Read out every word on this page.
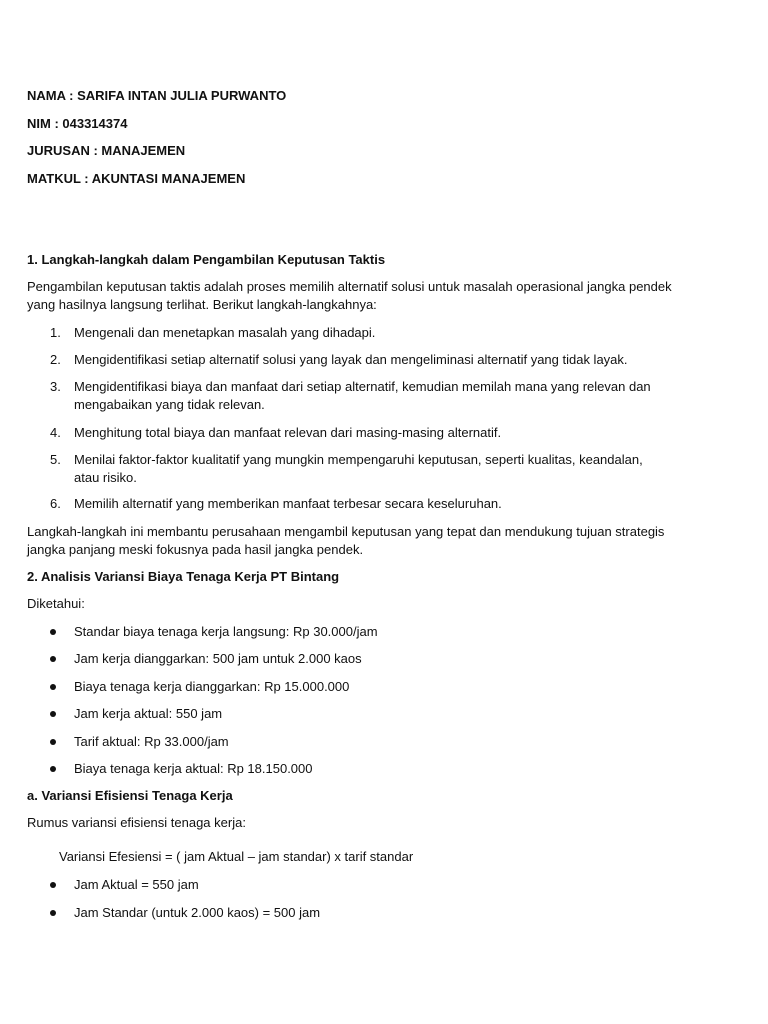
NAMA : SARIFA INTAN JULIA PURWANTO
NIM : 043314374
JURUSAN : MANAJEMEN
MATKUL : AKUNTASI MANAJEMEN
1. Langkah-langkah dalam Pengambilan Keputusan Taktis
Pengambilan keputusan taktis adalah proses memilih alternatif solusi untuk masalah operasional jangka pendek yang hasilnya langsung terlihat. Berikut langkah-langkahnya:
1.	Mengenali dan menetapkan masalah yang dihadapi.
2.	Mengidentifikasi setiap alternatif solusi yang layak dan mengeliminasi alternatif yang tidak layak.
3.	Mengidentifikasi biaya dan manfaat dari setiap alternatif, kemudian memilah mana yang relevan dan mengabaikan yang tidak relevan.
4.	Menghitung total biaya dan manfaat relevan dari masing-masing alternatif.
5.	Menilai faktor-faktor kualitatif yang mungkin mempengaruhi keputusan, seperti kualitas, keandalan, atau risiko.
6.	Memilih alternatif yang memberikan manfaat terbesar secara keseluruhan.
Langkah-langkah ini membantu perusahaan mengambil keputusan yang tepat dan mendukung tujuan strategis jangka panjang meski fokusnya pada hasil jangka pendek.
2. Analisis Variansi Biaya Tenaga Kerja PT Bintang
Diketahui:
Standar biaya tenaga kerja langsung: Rp 30.000/jam
Jam kerja dianggarkan: 500 jam untuk 2.000 kaos
Biaya tenaga kerja dianggarkan: Rp 15.000.000
Jam kerja aktual: 550 jam
Tarif aktual: Rp 33.000/jam
Biaya tenaga kerja aktual: Rp 18.150.000
a. Variansi Efisiensi Tenaga Kerja
Rumus variansi efisiensi tenaga kerja:
Variansi Efesiensi = ( jam Aktual – jam standar) x tarif standar
Jam Aktual = 550 jam
Jam Standar (untuk 2.000 kaos) = 500 jam
